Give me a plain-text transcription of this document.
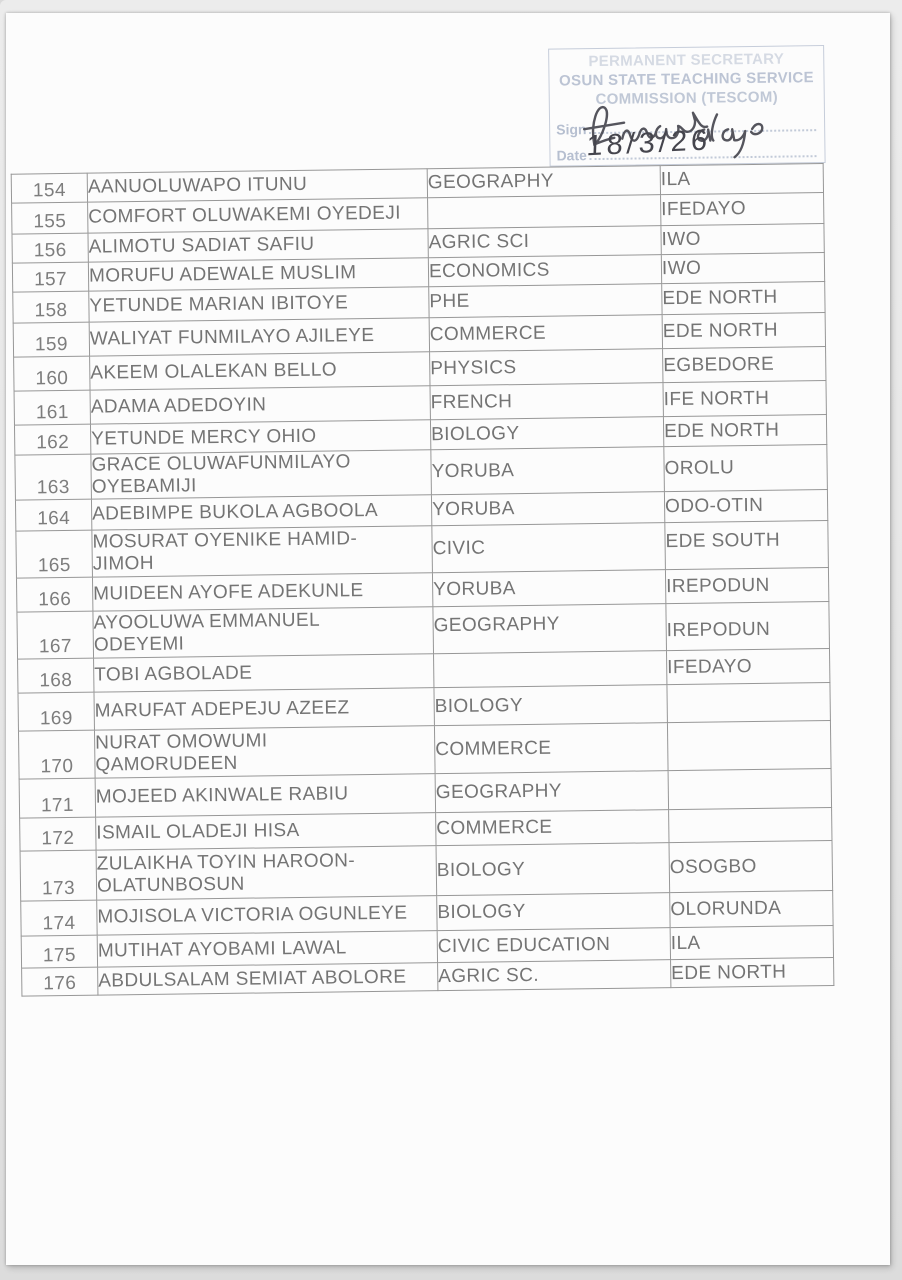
PERMANENT SECRETARY
OSUN STATE TEACHING SERVICE
COMMISSION (TESCOM)
Sign
Date
18/3/26
154	AANUOLUWAPO ITUNU	GEOGRAPHY	ILA
155	COMFORT OLUWAKEMI OYEDEJI		IFEDAYO
156	ALIMOTU SADIAT SAFIU	AGRIC SCI	IWO
157	MORUFU ADEWALE MUSLIM	ECONOMICS	IWO
158	YETUNDE MARIAN IBITOYE	PHE	EDE NORTH
159	WALIYAT FUNMILAYO AJILEYE	COMMERCE	EDE NORTH
160	AKEEM OLALEKAN BELLO	PHYSICS	EGBEDORE
161	ADAMA ADEDOYIN	FRENCH	IFE NORTH
162	YETUNDE MERCY OHIO	BIOLOGY	EDE NORTH
163	GRACE OLUWAFUNMILAYO
OYEBAMIJI	YORUBA	OROLU
164	ADEBIMPE BUKOLA AGBOOLA	YORUBA	ODO-OTIN
165	MOSURAT OYENIKE HAMID-
JIMOH	CIVIC	EDE SOUTH
166	MUIDEEN AYOFE ADEKUNLE	YORUBA	IREPODUN
167	AYOOLUWA EMMANUEL
ODEYEMI	GEOGRAPHY	IREPODUN
168	TOBI AGBOLADE		IFEDAYO
169	MARUFAT ADEPEJU AZEEZ	BIOLOGY	
170	NURAT OMOWUMI
QAMORUDEEN	COMMERCE	
171	MOJEED AKINWALE RABIU	GEOGRAPHY	
172	ISMAIL OLADEJI HISA	COMMERCE	
173	ZULAIKHA TOYIN HAROON-
OLATUNBOSUN	BIOLOGY	OSOGBO
174	MOJISOLA VICTORIA OGUNLEYE	BIOLOGY	OLORUNDA
175	MUTIHAT AYOBAMI LAWAL	CIVIC EDUCATION	ILA
176	ABDULSALAM SEMIAT ABOLORE	AGRIC SC.	EDE NORTH
